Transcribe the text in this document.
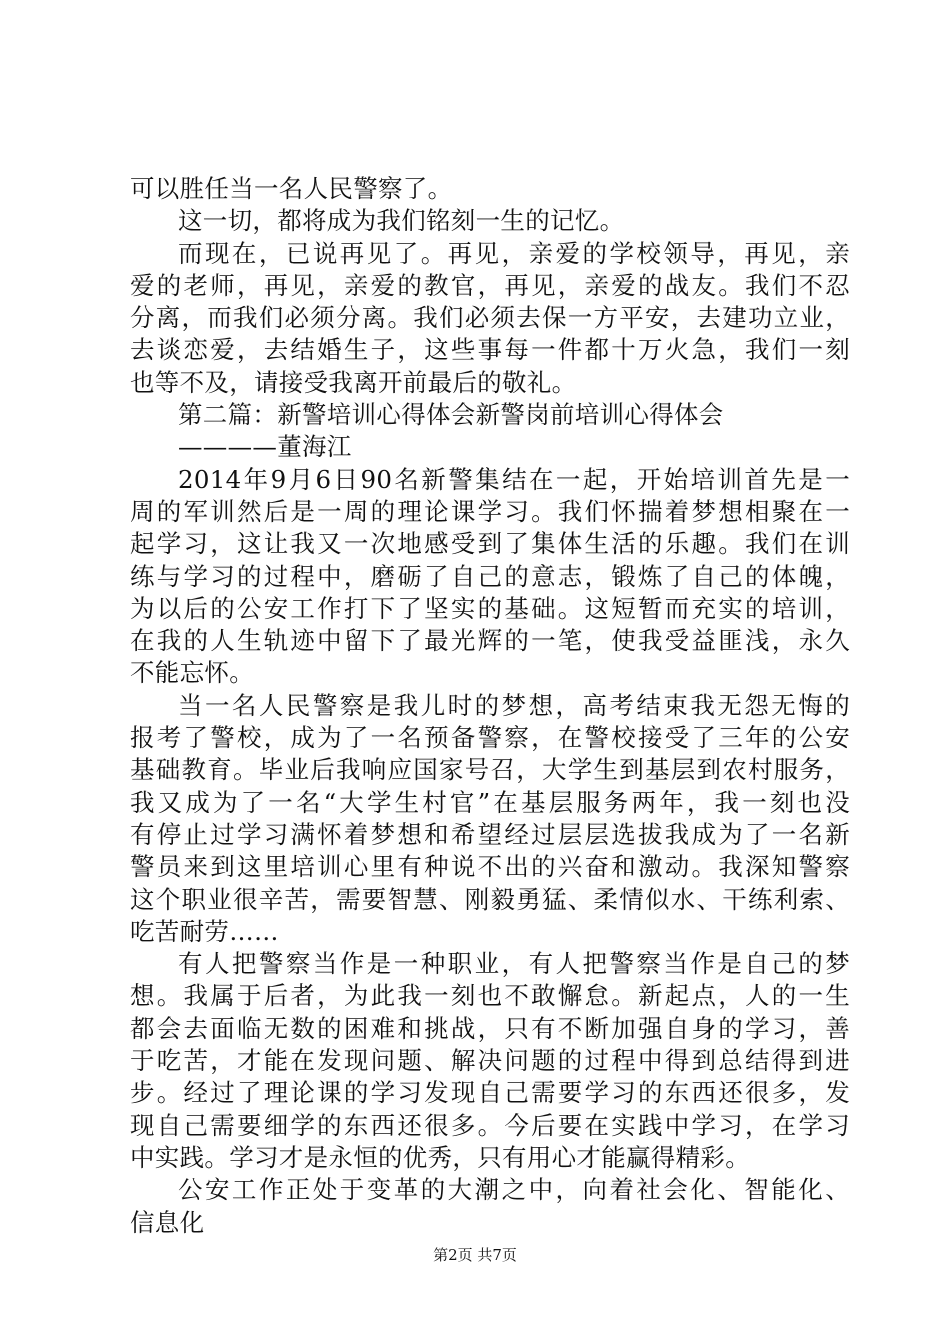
可以胜任当一名人民警察了。
这一切，都将成为我们铭刻一生的记忆。
而现在，已说再见了。再见，亲爱的学校领导，再见，亲
爱的老师，再见，亲爱的教官，再见，亲爱的战友。我们不忍
分离，而我们必须分离。我们必须去保一方平安，去建功立业，
去谈恋爱，去结婚生子，这些事每一件都十万火急，我们一刻
也等不及，请接受我离开前最后的敬礼。
第二篇：新警培训心得体会新警岗前培训心得体会
————董海江
2014年9月6日90名新警集结在一起，开始培训首先是一
周的军训然后是一周的理论课学习。我们怀揣着梦想相聚在一
起学习，这让我又一次地感受到了集体生活的乐趣。我们在训
练与学习的过程中，磨砺了自己的意志，锻炼了自己的体魄，
为以后的公安工作打下了坚实的基础。这短暂而充实的培训，
在我的人生轨迹中留下了最光辉的一笔，使我受益匪浅，永久
不能忘怀。
当一名人民警察是我儿时的梦想，高考结束我无怨无悔的
报考了警校，成为了一名预备警察，在警校接受了三年的公安
基础教育。毕业后我响应国家号召，大学生到基层到农村服务，
我又成为了一名“大学生村官”在基层服务两年，我一刻也没
有停止过学习满怀着梦想和希望经过层层选拔我成为了一名新
警员来到这里培训心里有种说不出的兴奋和激动。我深知警察
这个职业很辛苦，需要智慧、刚毅勇猛、柔情似水、干练利索、
吃苦耐劳……
有人把警察当作是一种职业，有人把警察当作是自己的梦
想。我属于后者，为此我一刻也不敢懈怠。新起点，人的一生
都会去面临无数的困难和挑战，只有不断加强自身的学习，善
于吃苦，才能在发现问题、解决问题的过程中得到总结得到进
步。经过了理论课的学习发现自己需要学习的东西还很多，发
现自己需要细学的东西还很多。今后要在实践中学习，在学习
中实践。学习才是永恒的优秀，只有用心才能赢得精彩。
公安工作正处于变革的大潮之中，向着社会化、智能化、
信息化
第2页 共7页
